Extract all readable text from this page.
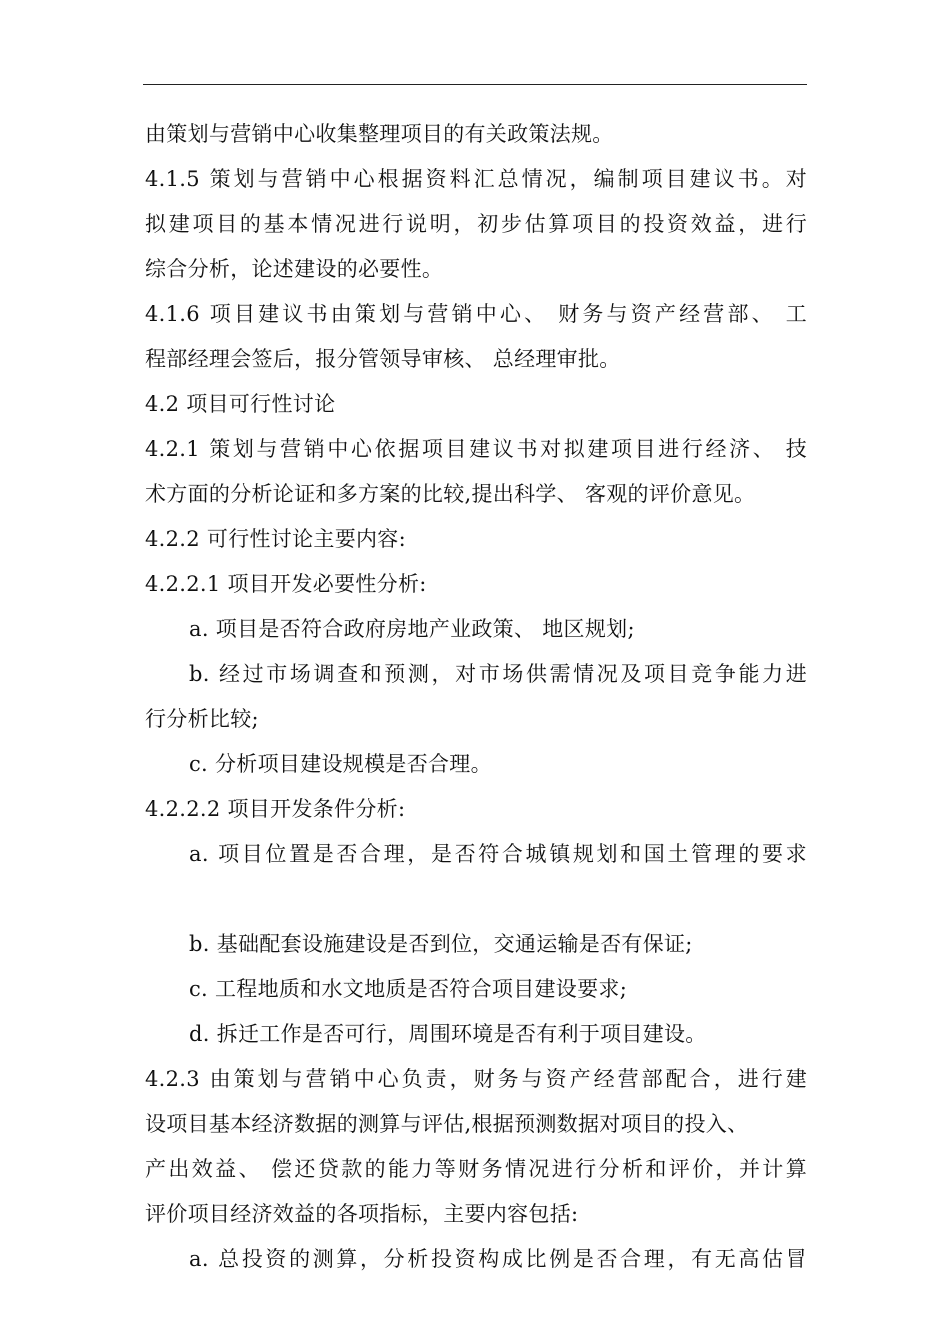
由策划与营销中心收集整理项目的有关政策法规。
4.1.5 策划与营销中心根据资料汇总情况，编制项目建议书。对
拟建项目的基本情况进行说明，初步估算项目的投资效益，进行
综合分析，论述建设的必要性。
4.1.6 项目建议书由策划与营销中心、 财务与资产经营部、 工
程部经理会签后，报分管领导审核、 总经理审批。
4.2 项目可行性讨论
4.2.1 策划与营销中心依据项目建议书对拟建项目进行经济、 技
术方面的分析论证和多方案的比较,提出科学、 客观的评价意见。
4.2.2 可行性讨论主要内容:
4.2.2.1 项目开发必要性分析:
a. 项目是否符合政府房地产业政策、 地区规划;
b. 经过市场调查和预测，对市场供需情况及项目竞争能力进
行分析比较;
c. 分析项目建设规模是否合理。
4.2.2.2 项目开发条件分析:
a. 项目位置是否合理，是否符合城镇规划和国土管理的要求
b. 基础配套设施建设是否到位，交通运输是否有保证;
c. 工程地质和水文地质是否符合项目建设要求;
d. 拆迁工作是否可行，周围环境是否有利于项目建设。
4.2.3 由策划与营销中心负责，财务与资产经营部配合，进行建
设项目基本经济数据的测算与评估,根据预测数据对项目的投入、
产出效益、 偿还贷款的能力等财务情况进行分析和评价，并计算
评价项目经济效益的各项指标，主要内容包括:
a. 总投资的测算，分析投资构成比例是否合理，有无高估冒
